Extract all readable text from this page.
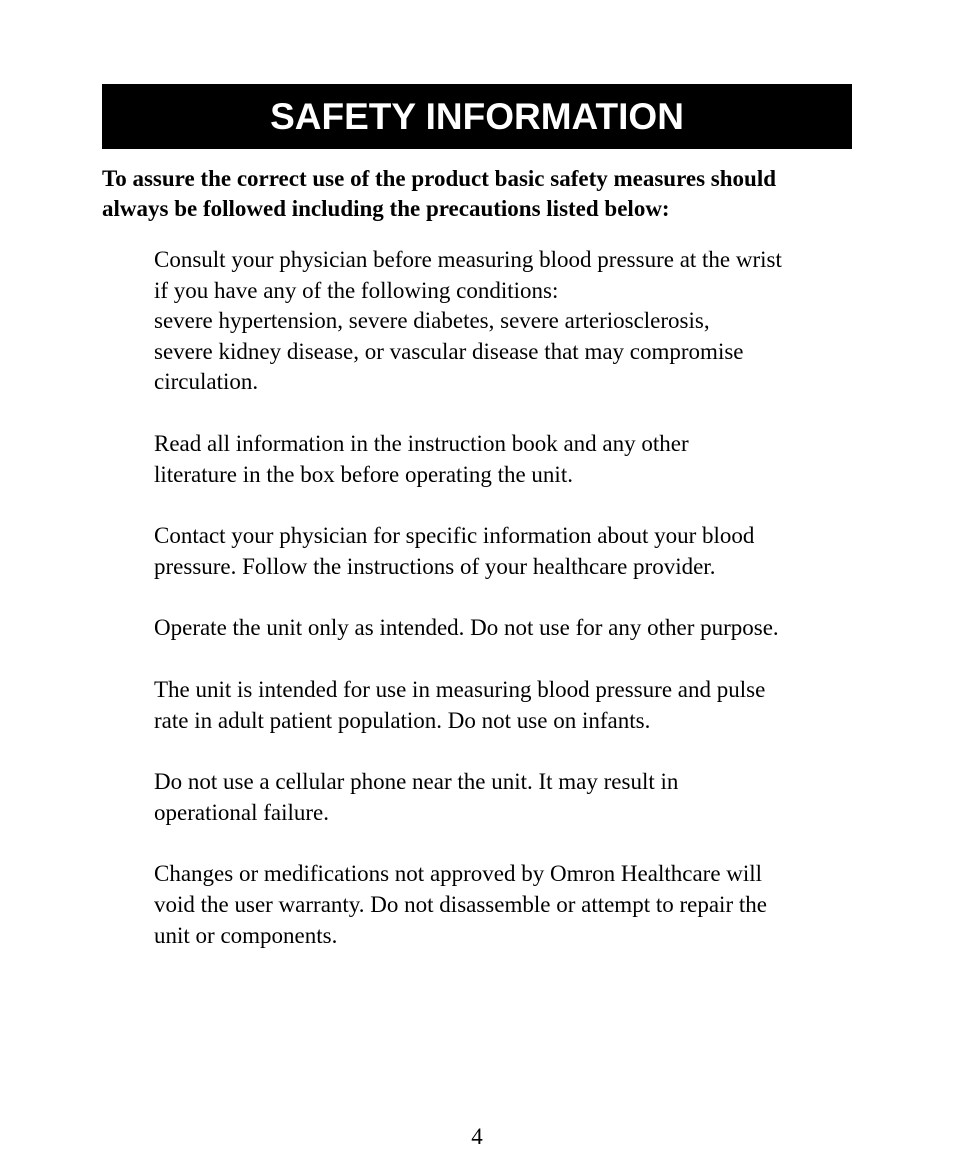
SAFETY INFORMATION

To assure the correct use of the product basic safety measures should
always be followed including the precautions listed below:

Consult your physician before measuring blood pressure at the wrist
if you have any of the following conditions:
severe hypertension, severe diabetes, severe arteriosclerosis,
severe kidney disease, or vascular disease that may compromise
circulation.

Read all information in the instruction book and any other
literature in the box before operating the unit.

Contact your physician for specific information about your blood
pressure. Follow the instructions of your healthcare provider.

Operate the unit only as intended. Do not use for any other purpose.

The unit is intended for use in measuring blood pressure and pulse
rate in adult patient population. Do not use on infants.

Do not use a cellular phone near the unit. It may result in
operational failure.

Changes or medifications not approved by Omron Healthcare will
void the user warranty. Do not disassemble or attempt to repair the
unit or components.

4
